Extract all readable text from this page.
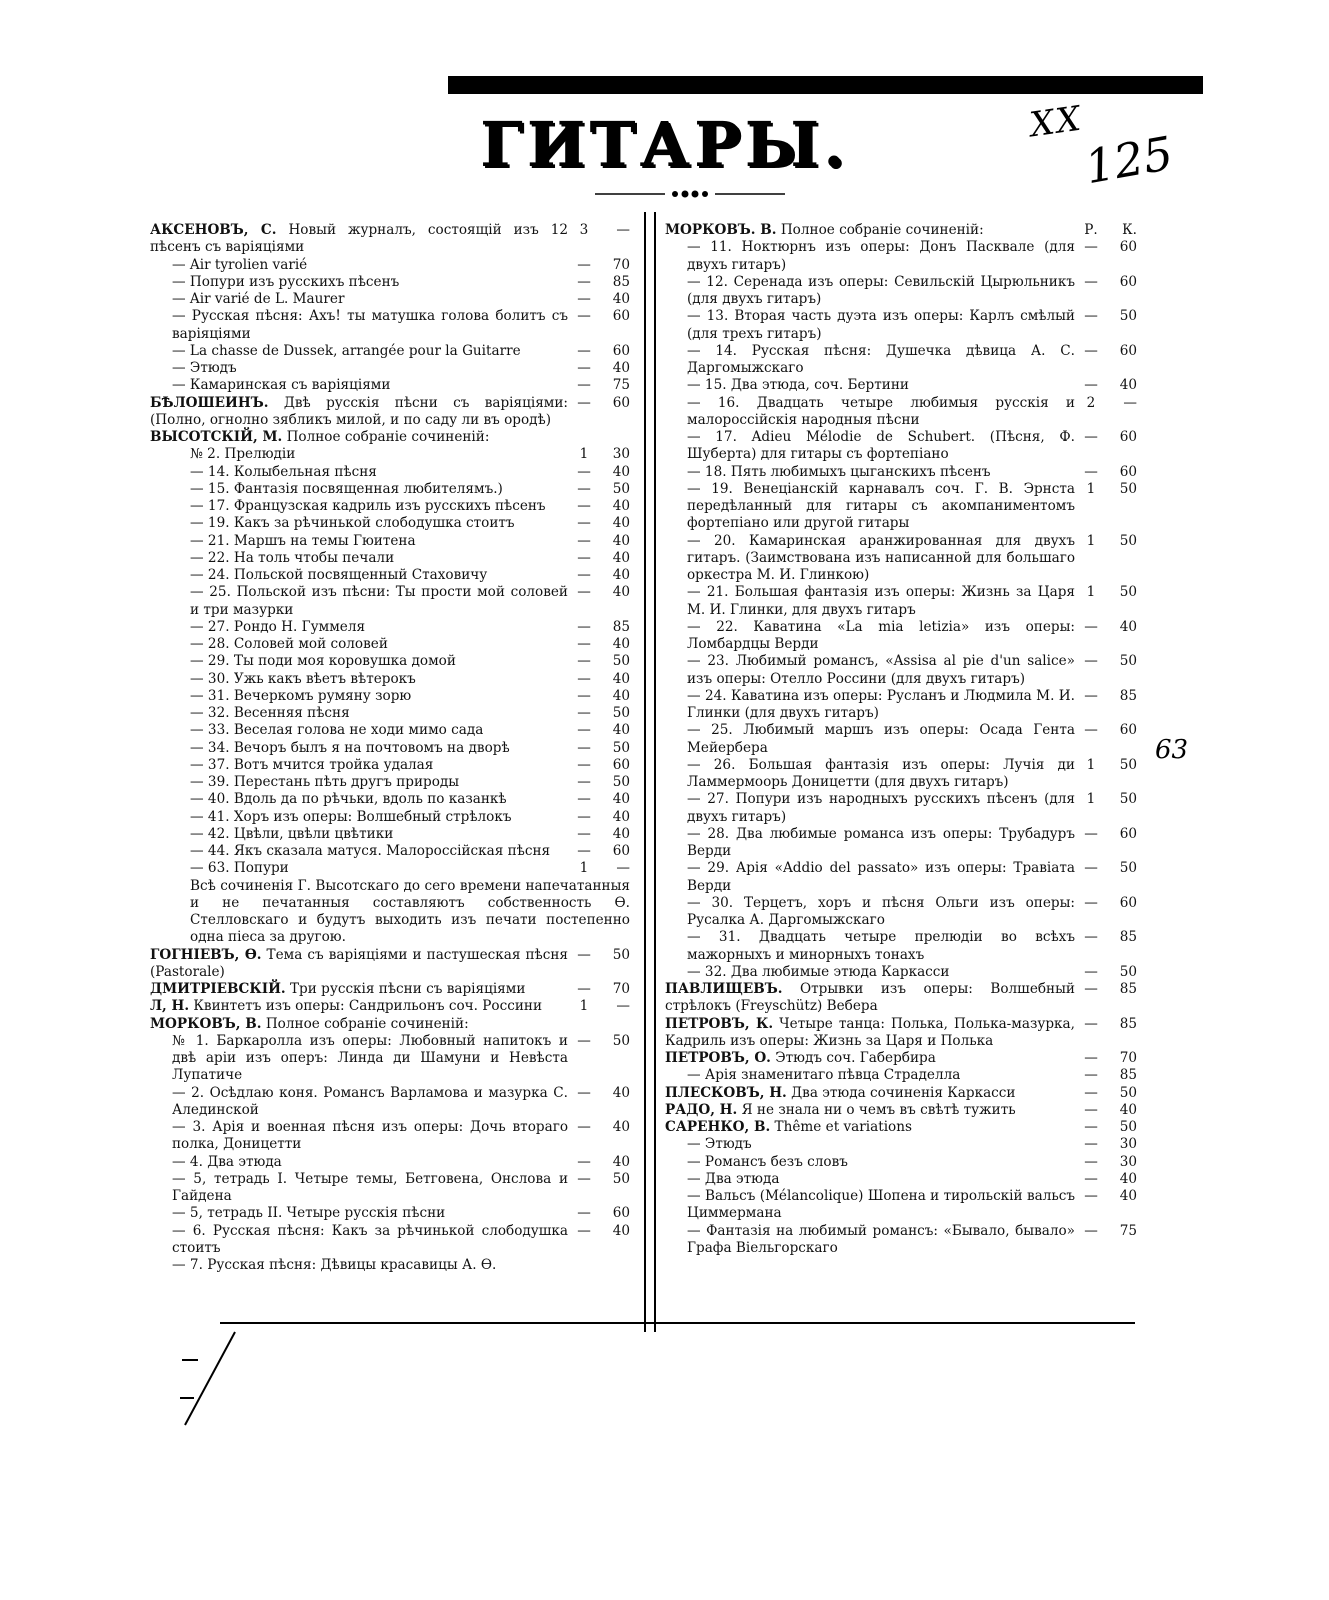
XX
125
ГИТАРЫ.
АКСЕНОВЪ, С. Новый журналъ, состоящій изъ 12 пѣсенъ съ варіяціями
3	—
— Air tyrolien varié	—	70
— Попури изъ русскихъ пѣсенъ	—	85
— Air varié de L. Maurer	—	40
— Русская пѣсня: Ахъ! ты матушка голова болитъ съ варіяціями
—	60
— La chasse de Dussek, arrangée pour la Guitarre	—	60
— Этюдъ	—	40
— Камаринская съ варіяціями	—	75
БѢЛОШЕИНЪ. Двѣ русскія пѣсни съ варіяціями: (Полно, огнолно зябликъ милой, и по саду ли въ ородѣ)
—	60
ВЫСОТСКІЙ, М. Полное собраніе сочиненій:
№ 2. Прелюдіи	1	30
— 14. Колыбельная пѣсня	—	40
— 15. Фантазія посвященная любителямъ.)	—	50
— 17. Французская кадриль изъ русскихъ пѣсенъ	—	40
— 19. Какъ за рѣчинькой слободушка стоитъ	—	40
— 21. Маршъ на темы Гюитена	—	40
— 22. На толь чтобы печали	—	40
— 24. Польской посвященный Стаховичу	—	40
— 25. Польской изъ пѣсни: Ты прости мой соловей и три мазурки
—	40
— 27. Рондо Н. Гуммеля	—	85
— 28. Соловей мой соловей	—	40
— 29. Ты поди моя коровушка домой	—	50
— 30. Ужь какъ вѣетъ вѣтерокъ	—	40
— 31. Вечеркомъ румяну зорю	—	40
— 32. Весенняя пѣсня	—	50
— 33. Веселая голова не ходи мимо сада	—	40
— 34. Вечоръ былъ я на почтовомъ на дворѣ	—	50
— 37. Вотъ мчится тройка удалая	—	60
— 39. Перестань пѣть другъ природы	—	50
— 40. Вдоль да по рѣчьки, вдоль по казанкѣ	—	40
— 41. Хоръ изъ оперы: Волшебный стрѣлокъ	—	40
— 42. Цвѣли, цвѣли цвѣтики	—	40
— 44. Якъ сказала матуся. Малороссійская пѣсня	—	60
— 63. Попури	1	—
Всѣ сочиненія Г. Высотскаго до сего времени напечатанныя и не печатанныя составляютъ собственность Ѳ. Стелловскаго и будутъ выходить изъ печати постепенно одна піеса за другою.
ГОГНІЕВЪ, Ѳ. Тема съ варіяціями и пастушеская пѣсня (Pastorale)
—	50
ДМИТРІЕВСКІЙ. Три русскія пѣсни съ варіяціями	—	70
Л, Н. Квинтетъ изъ оперы: Сандрильонъ соч. Россини	1	—
МОРКОВЪ, В. Полное собраніе сочиненій:
№ 1. Баркаролла изъ оперы: Любовный напитокъ и двѣ аріи изъ оперъ: Линда ди Шамуни и Невѣста Лупатиче
—	50
— 2. Осѣдлаю коня. Романсъ Варламова и мазурка С. Алединской
—	40
— 3. Арія и военная пѣсня изъ оперы: Дочь втораго полка, Доницетти
—	40
— 4. Два этюда	—	40
— 5, тетрадь I. Четыре темы, Бетговена, Онслова и Гайдена
—	50
— 5, тетрадь II. Четыре русскія пѣсни	—	60
— 6. Русская пѣсня: Какъ за рѣчинькой слободушка стоитъ
—	40
— 7. Русская пѣсня: Дѣвицы красавицы А. Ѳ.
МОРКОВЪ. В. Полное собраніе сочиненій:	Р.	К.
— 11. Ноктюрнъ изъ оперы: Донъ Пасквале (для двухъ гитаръ)
—	60
— 12. Серенада изъ оперы: Севильскій Цырюльникъ (для двухъ гитаръ)
—	60
— 13. Вторая часть дуэта изъ оперы: Карлъ смѣлый (для трехъ гитаръ)
—	50
— 14. Русская пѣсня: Душечка дѣвица А. С. Даргомыжскаго
—	60
— 15. Два этюда, соч. Бертини	—	40
— 16. Двадцать четыре любимыя русскія и малороссійскія народныя пѣсни
2	—
— 17. Adieu Mélodie de Schubert. (Пѣсня, Ф. Шуберта) для гитары съ фортепіано
—	60
— 18. Пять любимыхъ цыганскихъ пѣсенъ	—	60
— 19. Венеціанскій карнавалъ соч. Г. В. Эрнста передѣланный для гитары съ акомпаниментомъ фортепіано или другой гитары
1	50
— 20. Камаринская аранжированная для двухъ гитаръ. (Заимствована изъ написанной для большаго оркестра М. И. Глинкою)
1	50
— 21. Большая фантазія изъ оперы: Жизнь за Царя М. И. Глинки, для двухъ гитаръ
1	50
— 22. Каватина «La mia letizia» изъ оперы: Ломбардцы Верди
—	40
— 23. Любимый романсъ, «Assisa al pie d'un salice» изъ оперы: Отелло Россини (для двухъ гитаръ)
—	50
— 24. Каватина изъ оперы: Русланъ и Людмила М. И. Глинки (для двухъ гитаръ)
—	85
— 25. Любимый маршъ изъ оперы: Осада Гента Мейербера
—	60
— 26. Большая фантазія изъ оперы: Лучія ди Ламмермоорь Доницетти (для двухъ гитаръ)
1	50
— 27. Попури изъ народныхъ русскихъ пѣсенъ (для двухъ гитаръ)
1	50
— 28. Два любимые романса изъ оперы: Трубадуръ Верди
—	60
— 29. Арія «Addio del passato» изъ оперы: Травіата Верди
—	50
— 30. Терцетъ, хоръ и пѣсня Ольги изъ оперы: Русалка А. Даргомыжскаго
—	60
— 31. Двадцать четыре прелюдіи во всѣхъ мажорныхъ и минорныхъ тонахъ
—	85
— 32. Два любимые этюда Каркасси	—	50
ПАВЛИЩЕВЪ. Отрывки изъ оперы: Волшебный стрѣлокъ (Freyschütz) Вебера
—	85
ПЕТРОВЪ, К. Четыре танца: Полька, Полька-мазурка, Кадриль изъ оперы: Жизнь за Царя и Полька
—	85
ПЕТРОВЪ, О. Этюдъ соч. Габербира	—	70
— Арія знаменитаго пѣвца Страделла	—	85
ПЛЕСКОВЪ, Н. Два этюда сочиненія Каркасси	—	50
РАДО, Н. Я не знала ни о чемъ въ свѣтѣ тужить	—	40
САРЕНКО, В. Thême et variations	—	50
— Этюдъ	—	30
— Романсъ безъ словъ	—	30
— Два этюда	—	40
— Вальсъ (Mélancolique) Шопена и тирольскій вальсъ Циммермана
—	40
— Фантазія на любимый романсъ: «Бывало, бывало» Графа Віельгорскаго
—	75
63
